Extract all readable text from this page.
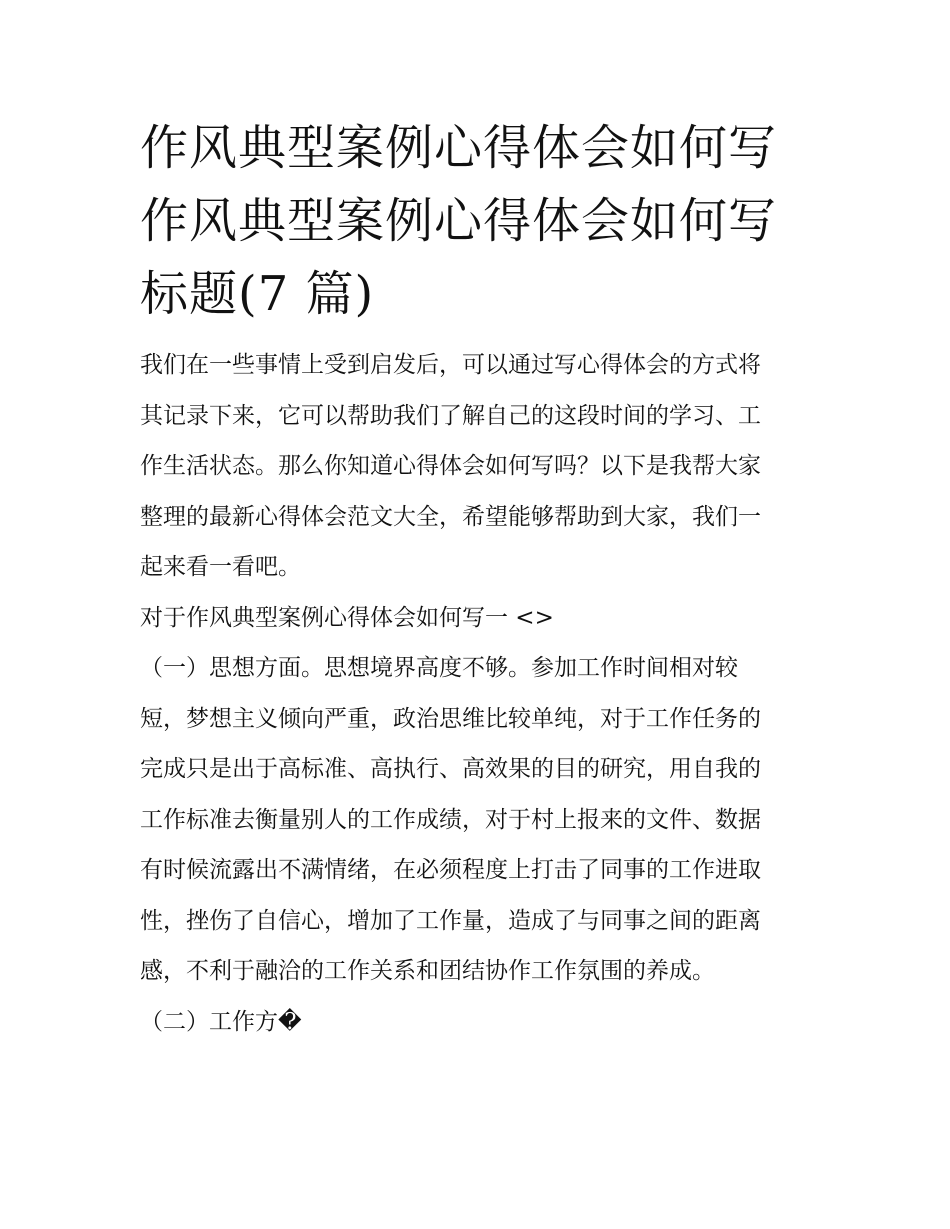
作风典型案例心得体会如何写
作风典型案例心得体会如何写
标题(7 篇)

我们在一些事情上受到启发后，可以通过写心得体会的方式将
其记录下来，它可以帮助我们了解自己的这段时间的学习、工
作生活状态。那么你知道心得体会如何写吗？以下是我帮大家
整理的最新心得体会范文大全，希望能够帮助到大家，我们一
起来看一看吧。

对于作风典型案例心得体会如何写一 <>

（一）思想方面。思想境界高度不够。参加工作时间相对较
短，梦想主义倾向严重，政治思维比较单纯，对于工作任务的
完成只是出于高标准、高执行、高效果的目的研究，用自我的
工作标准去衡量别人的工作成绩，对于村上报来的文件、数据
有时候流露出不满情绪，在必须程度上打击了同事的工作进取
性，挫伤了自信心，增加了工作量，造成了与同事之间的距离
感，不利于融洽的工作关系和团结协作工作氛围的养成。

（二）工作方�
